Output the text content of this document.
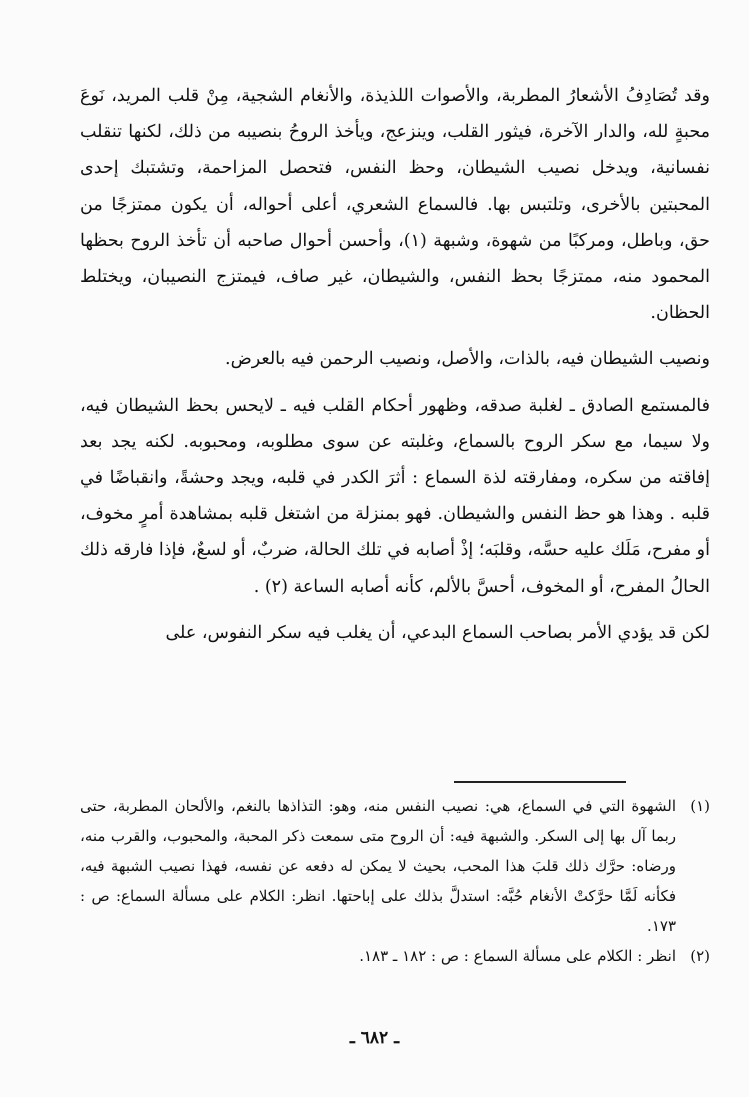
وقد تُصَادِفُ الأشعارُ المطربة، والأصوات اللذيذة، والأنغام الشجية، مِنْ قلب المريد، نَوعَ محبةٍ لله، والدار الآخرة، فيثور القلب، وينزعج، ويأخذ الروحُ بنصيبه من ذلك، لكنها تنقلب نفسانية، ويدخل نصيب الشيطان، وحظ النفس، فتحصل المزاحمة، وتشتبك إحدى المحبتين بالأخرى، وتلتبس بها. فالسماع الشعري، أعلى أحواله، أن يكون ممتزجًا من حق، وباطل، ومركبًا من شهوة، وشبهة (١)، وأحسن أحوال صاحبه أن تأخذ الروح بحظها المحمود منه، ممتزجًا بحظ النفس، والشيطان، غير صاف، فيمتزج النصيبان، ويختلط الحظان.

ونصيب الشيطان فيه، بالذات، والأصل، ونصيب الرحمن فيه بالعرض.

فالمستمع الصادق ـ لغلبة صدقه، وظهور أحكام القلب فيه ـ لايحس بحظ الشيطان فيه، ولا سيما، مع سكر الروح بالسماع، وغلبته عن سوى مطلوبه، ومحبوبه. لكنه يجد بعد إفاقته من سكره، ومفارقته لذة السماع : أثرَ الكدر في قلبه، ويجد وحشةً، وانقباضًا في قلبه . وهذا هو حظ النفس والشيطان. فهو بمنزلة من اشتغل قلبه بمشاهدة أمرٍ مخوف، أو مفرح، مَلَك عليه حسَّه، وقلبَه؛ إذْ أصابه في تلك الحالة، ضربٌ، أو لسعٌ، فإذا فارقه ذلك الحالُ المفرح، أو المخوف، أحسَّ بالألم، كأنه أصابه الساعة (٢) .

لكن قد يؤدي الأمر بصاحب السماع البدعي، أن يغلب فيه سكر النفوس، على

(١)
الشهوة التي في السماع، هي: نصيب النفس منه، وهو: التذاذها بالنغم، والألحان المطربة، حتى ربما آل بها إلى السكر. والشبهة فيه: أن الروح متى سمعت ذكر المحبة، والمحبوب، والقرب منه، ورضاه: حرَّك ذلك قلبَ هذا المحب، بحيث لا يمكن له دفعه عن نفسه، فهذا نصيب الشبهة فيه، فكأنه لَمَّا حرَّكتْ الأنغام حُبَّه: استدلَّ بذلك على إباحتها. انظر: الكلام على مسألة السماع: ص : ١٧٣.
(٢)
انظر : الكلام على مسألة السماع : ص : ١٨٢ ـ ١٨٣.
ـ ٦٨٢ ـ
